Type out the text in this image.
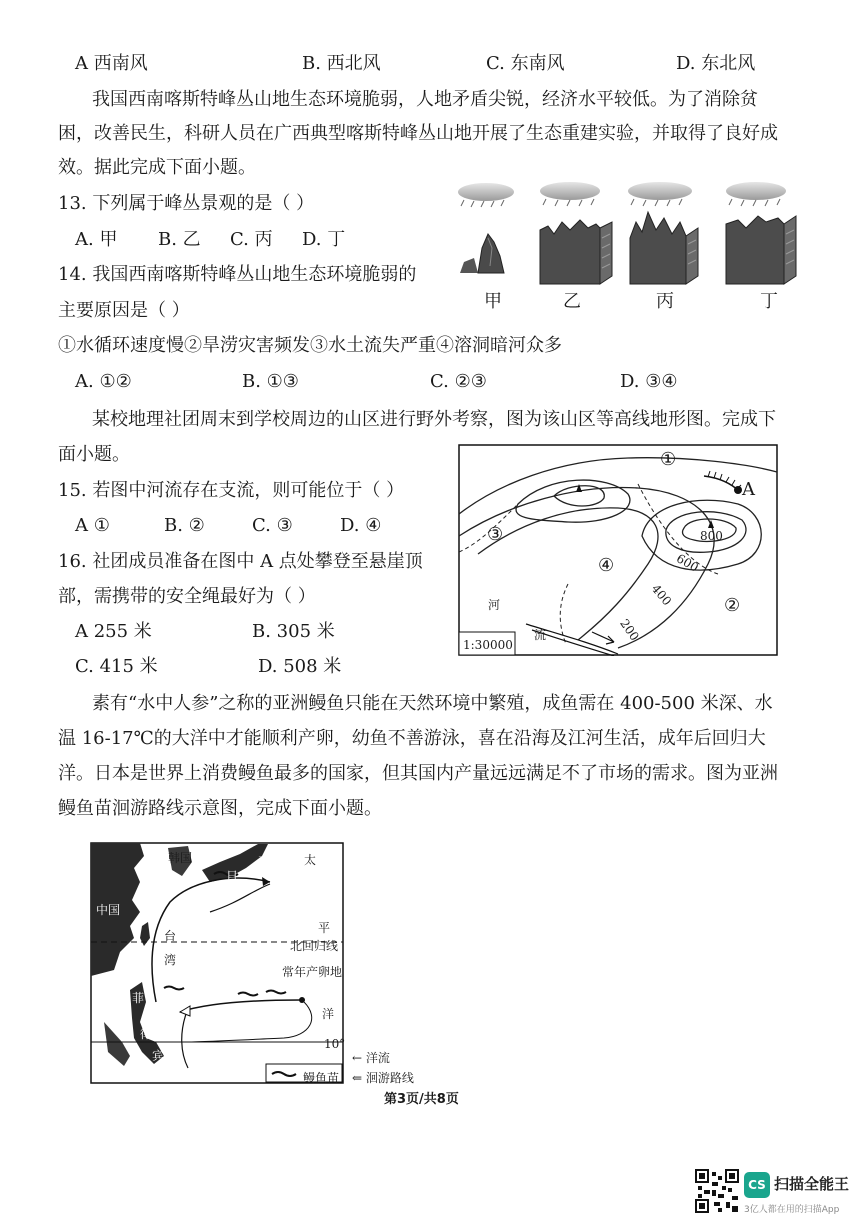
A 西南风	B. 西北风	C. 东南风	D. 东北风
我国西南喀斯特峰丛山地生态环境脆弱，人地矛盾尖锐，经济水平较低。为了消除贫
困，改善民生，科研人员在广西典型喀斯特峰丛山地开展了生态重建实验，并取得了良好成
效。据此完成下面小题。
13. 下列属于峰丛景观的是（ ）
A. 甲 B. 乙 C. 丙 D. 丁
14. 我国西南喀斯特峰丛山地生态环境脆弱的
主要原因是（ ）
①水循环速度慢②旱涝灾害频发③水土流失严重④溶洞暗河众多
A. ①②	B. ①③	C. ②③	D. ③④
甲	乙	丙	丁
某校地理社团周末到学校周边的山区进行野外考察，图为该山区等高线地形图。完成下
面小题。
15. 若图中河流存在支流，则可能位于（ ）
A ①	B. ②	C. ③	D. ④
16. 社团成员准备在图中 A 点处攀登至悬崖顶
部，需携带的安全绳最好为（ ）
A 255 米	B. 305 米
C. 415 米	D. 508 米
1:30000
800
600
400
200
①
②
③
④
A
河
流
素有“水中人参”之称的亚洲鳗鱼只能在天然环境中繁殖，成鱼需在 400-500 米深、水
温 16-17℃的大洋中才能顺利产卵，幼鱼不善游泳，喜在沿海及江河生活，成年后回归大
洋。日本是世界上消费鳗鱼最多的国家，但其国内产量远远满足不了市场的需求。图为亚洲
鳗鱼苗洄游路线示意图，完成下面小题。
韩国
日
本
中国
台
湾
菲
律
宾
太
平
洋
北回归线
常年产卵地
10°
← 洋流
⇐ 洄游路线
鳗鱼苗
第3页/共8页
CS 扫描全能王
3亿人都在用的扫描App
